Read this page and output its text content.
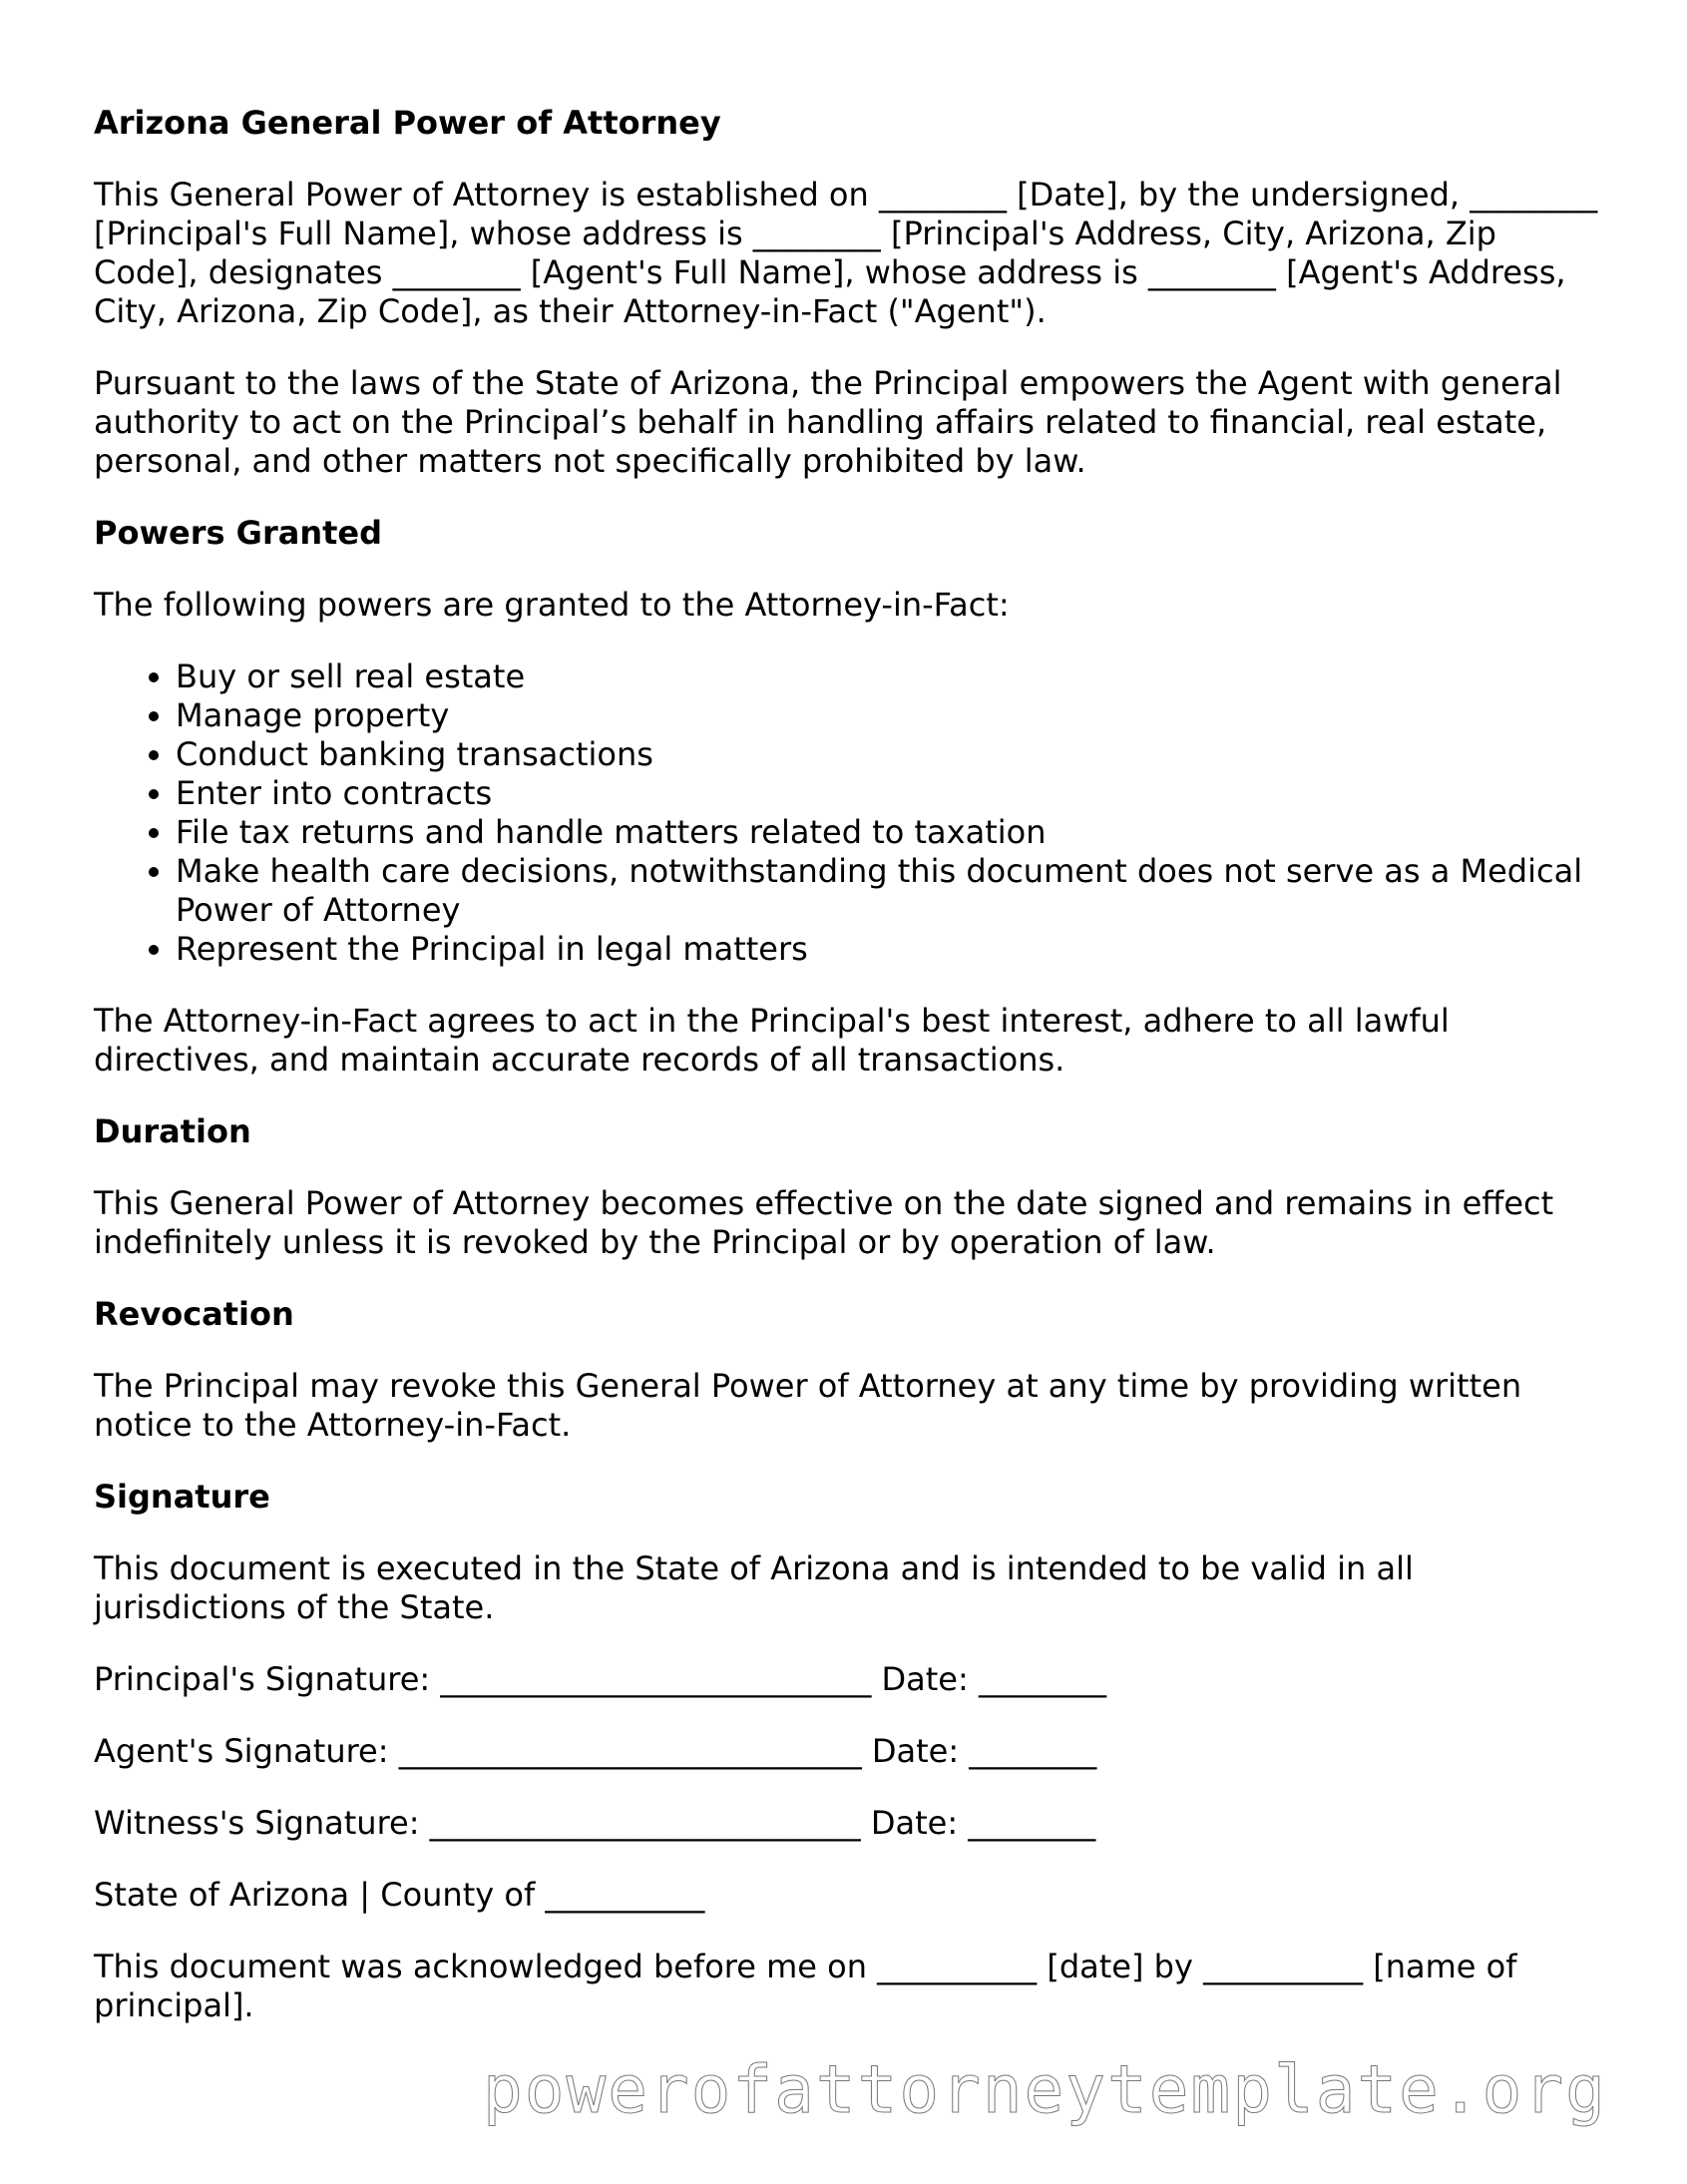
Arizona General Power of Attorney

This General Power of Attorney is established on ________ [Date], by the undersigned, ________ [Principal's Full Name], whose address is ________ [Principal's Address, City, Arizona, Zip Code], designates ________ [Agent's Full Name], whose address is ________ [Agent's Address, City, Arizona, Zip Code], as their Attorney-in-Fact ("Agent").

Pursuant to the laws of the State of Arizona, the Principal empowers the Agent with general authority to act on the Principal’s behalf in handling affairs related to financial, real estate, personal, and other matters not specifically prohibited by law.

Powers Granted

The following powers are granted to the Attorney-in-Fact:

• Buy or sell real estate
• Manage property
• Conduct banking transactions
• Enter into contracts
• File tax returns and handle matters related to taxation
• Make health care decisions, notwithstanding this document does not serve as a Medical Power of Attorney
• Represent the Principal in legal matters

The Attorney-in-Fact agrees to act in the Principal's best interest, adhere to all lawful directives, and maintain accurate records of all transactions.

Duration

This General Power of Attorney becomes effective on the date signed and remains in effect indefinitely unless it is revoked by the Principal or by operation of law.

Revocation

The Principal may revoke this General Power of Attorney at any time by providing written notice to the Attorney-in-Fact.

Signature

This document is executed in the State of Arizona and is intended to be valid in all jurisdictions of the State.

Principal's Signature: ___________________________ Date: ________

Agent's Signature: _____________________________ Date: ________

Witness's Signature: ___________________________ Date: ________

State of Arizona | County of __________

This document was acknowledged before me on __________ [date] by __________ [name of principal].

powerofattorneytemplate.org
